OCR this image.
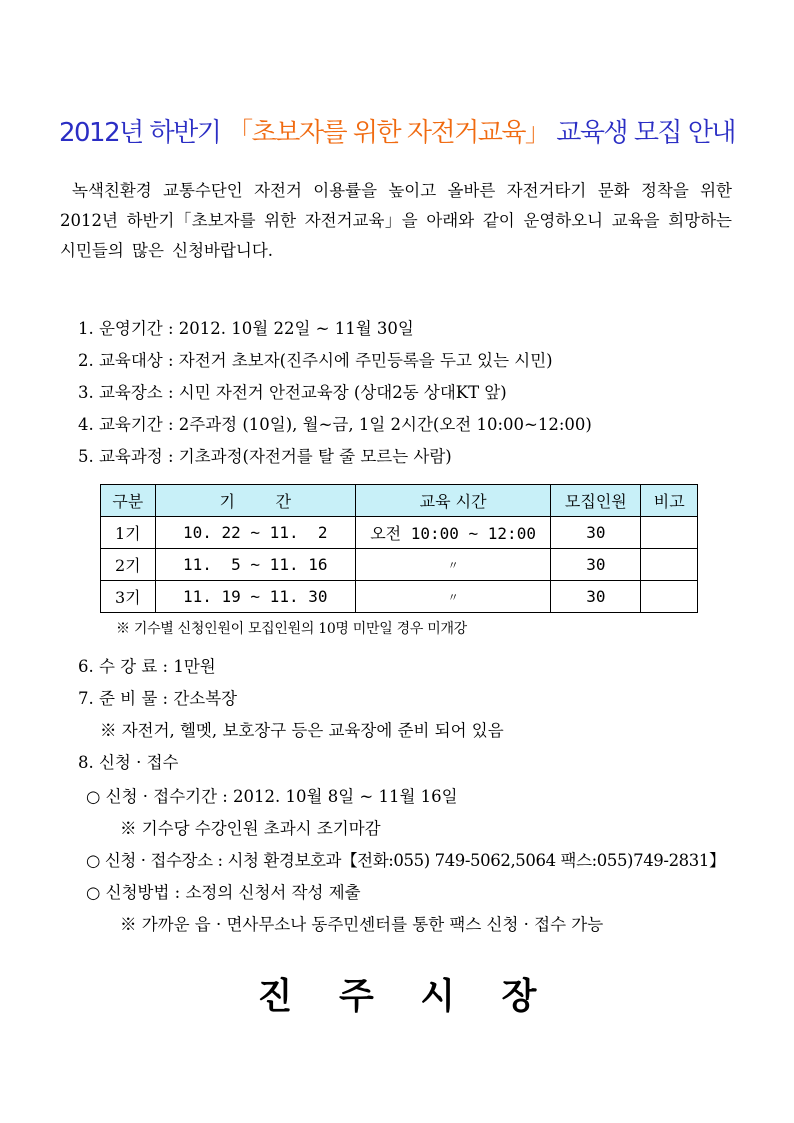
2012년 하반기 「초보자를 위한 자전거교육」 교육생 모집 안내

녹색친환경 교통수단인 자전거 이용률을 높이고 올바른 자전거타기 문화 정착을 위한 2012년 하반기「초보자를 위한 자전거교육」을 아래와 같이 운영하오니 교육을 희망하는 시민들의 많은 신청바랍니다.

1. 운영기간 : 2012. 10월 22일 ~ 11월 30일
2. 교육대상 : 자전거 초보자(진주시에 주민등록을 두고 있는 시민)
3. 교육장소 : 시민 자전거 안전교육장 (상대2동 상대KT 앞)
4. 교육기간 : 2주과정 (10일), 월~금, 1일 2시간(오전 10:00~12:00)
5. 교육과정 : 기초과정(자전거를 탈 줄 모르는 사람)
구분	기        간	교육 시간	모집인원	비고
1기	10. 22 ~ 11.  2	오전 10:00 ~ 12:00	30	
2기	11.  5 ~ 11. 16	〃	30	
3기	11. 19 ~ 11. 30	〃	30	
※ 기수별 신청인원이 모집인원의 10명 미만일 경우 미개강
6. 수 강 료 : 1만원
7. 준 비 물 : 간소복장
※ 자전거, 헬멧, 보호장구 등은 교육장에 준비 되어 있음
8. 신청 · 접수
○ 신청 · 접수기간 : 2012. 10월 8일 ~ 11월 16일
※ 기수당 수강인원 초과시 조기마감
○ 신청 · 접수장소 : 시청 환경보호과【전화:055) 749-5062,5064 팩스:055)749-2831】
○ 신청방법 : 소정의 신청서 작성 제출
※ 가까운 읍 · 면사무소나 동주민센터를 통한 팩스 신청 · 접수 가능
진 주 시 장
